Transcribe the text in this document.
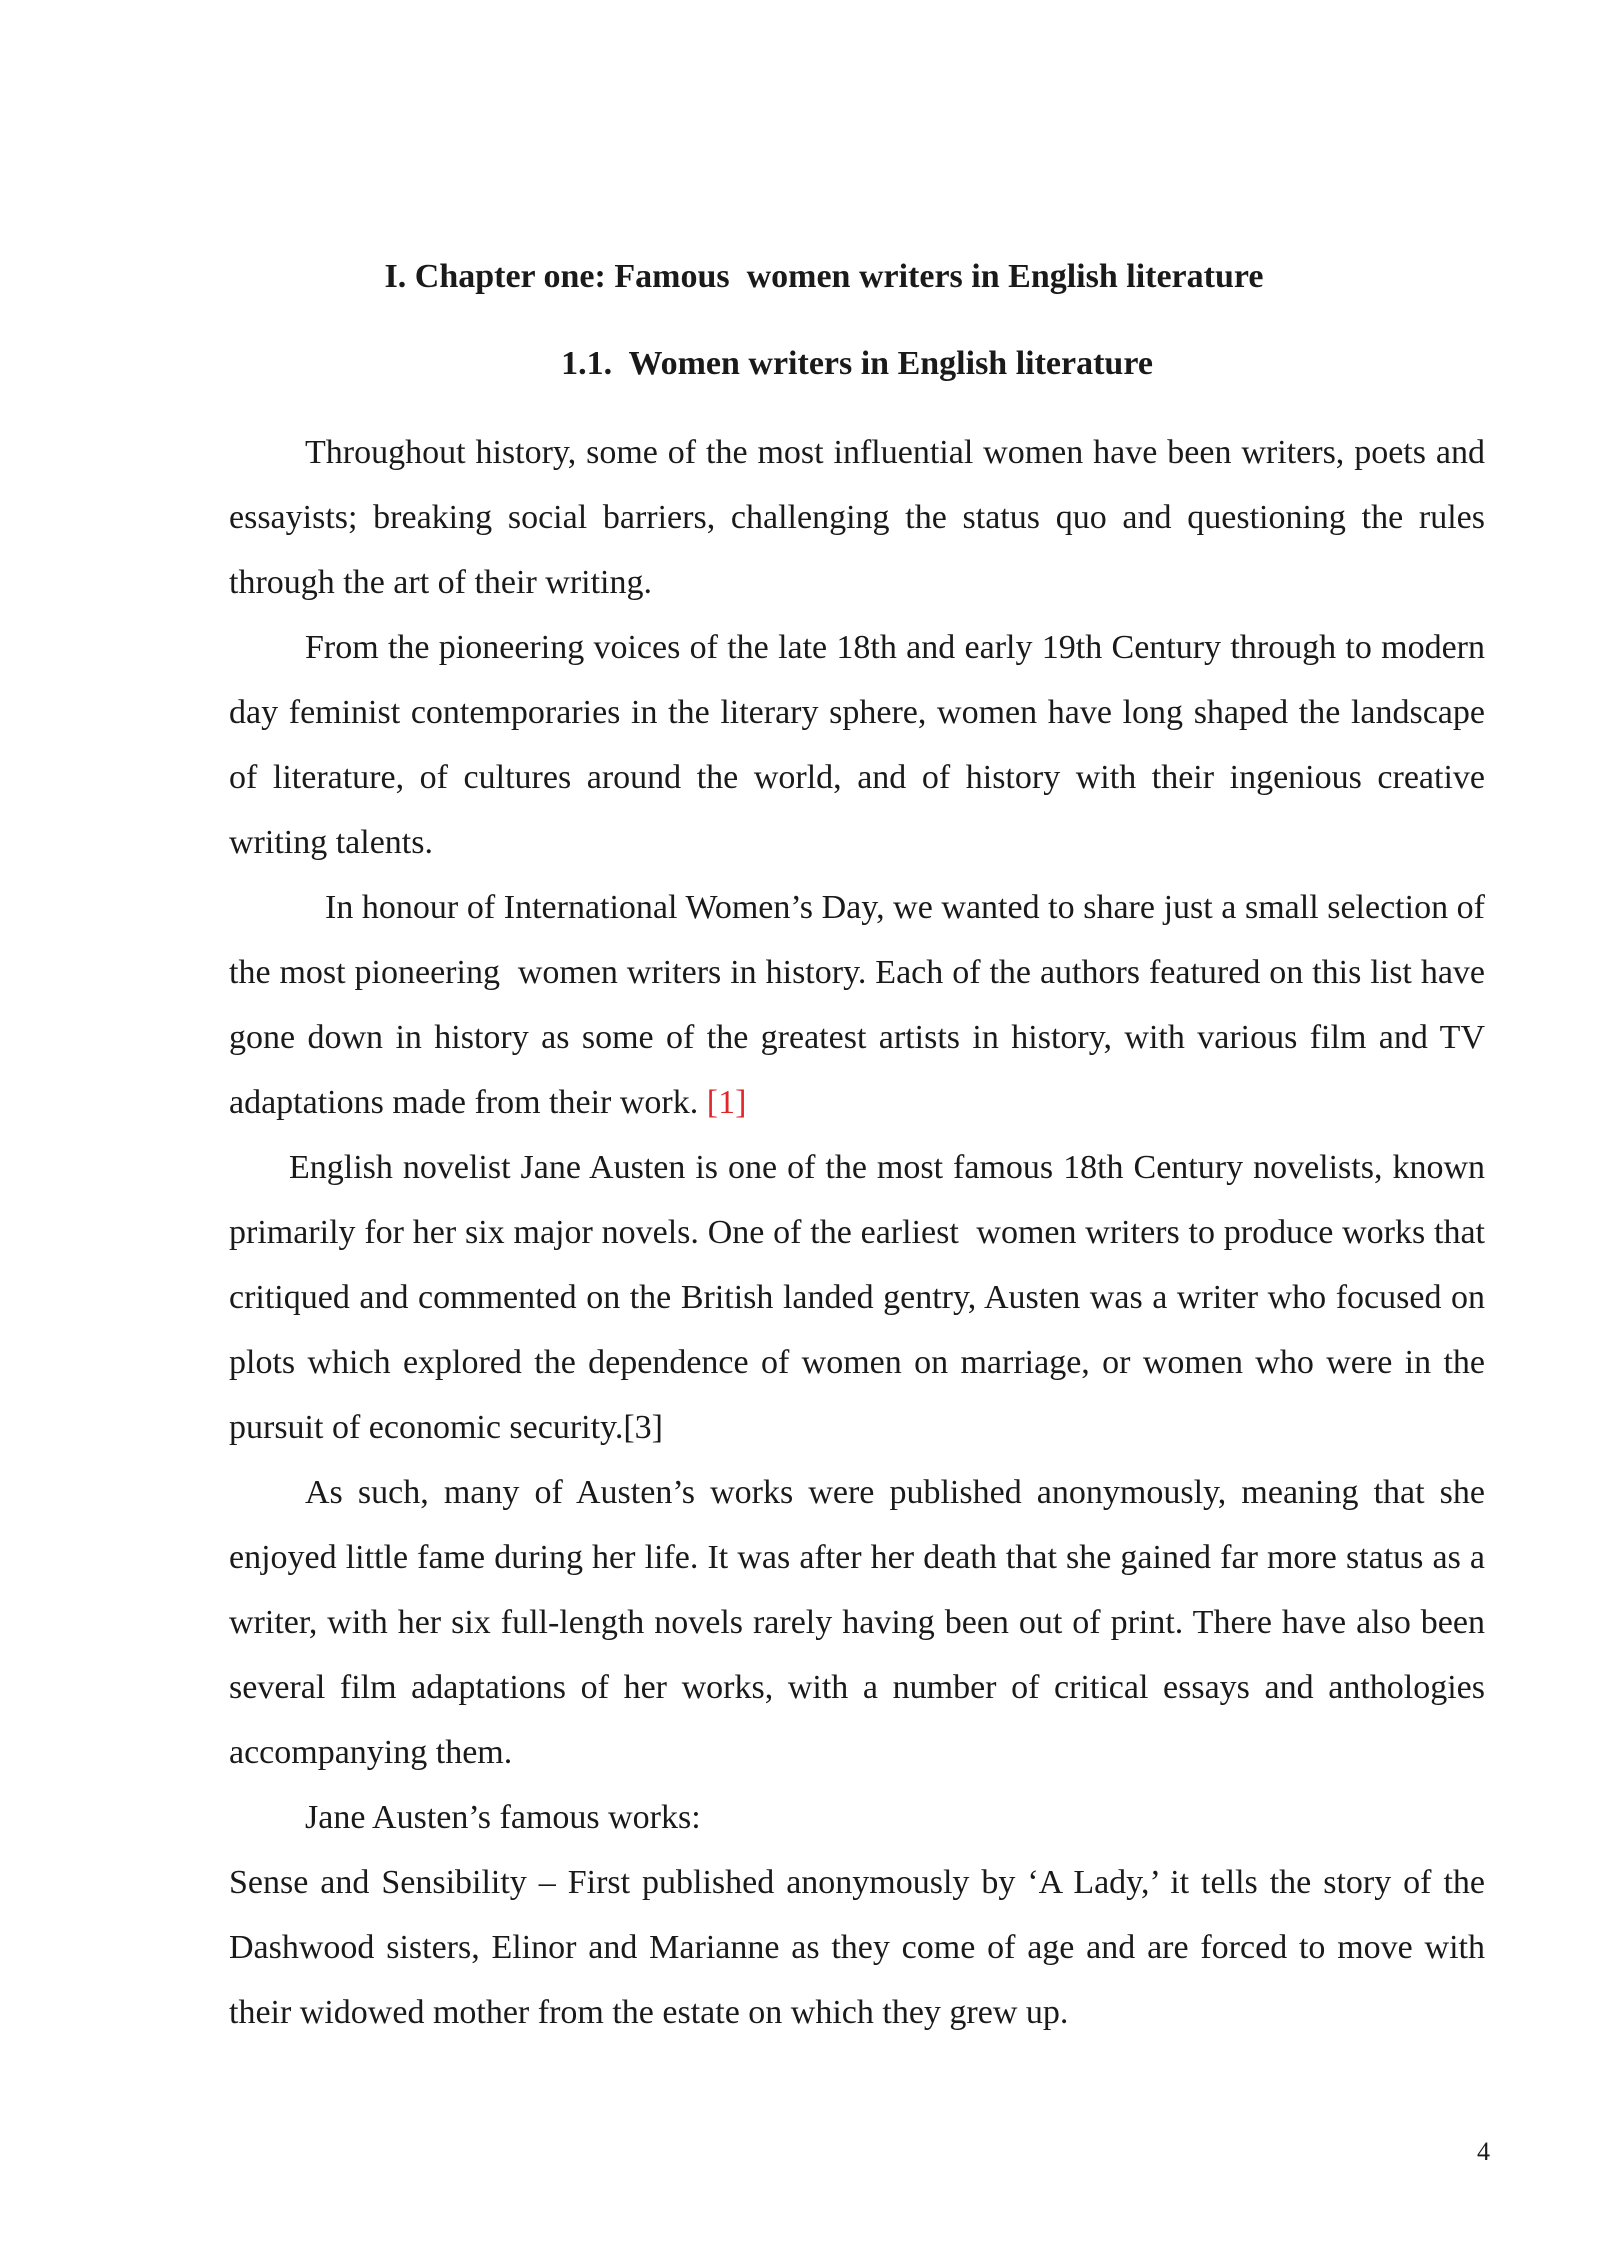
I. Chapter one: Famous  women writers in English literature
1.1.  Women writers in English literature

Throughout history, some of the most influential women have been writers, poets and essayists; breaking social barriers, challenging the status quo and questioning the rules through the art of their writing.

From the pioneering voices of the late 18th and early 19th Century through to modern day feminist contemporaries in the literary sphere, women have long shaped the landscape of literature, of cultures around the world, and of history with their ingenious creative writing talents.

In honour of International Women’s Day, we wanted to share just a small selection of the most pioneering  women writers in history. Each of the authors featured on this list have gone down in history as some of the greatest artists in history, with various film and TV adaptations made from their work. [1]

English novelist Jane Austen is one of the most famous 18th Century novelists, known primarily for her six major novels. One of the earliest  women writers to produce works that critiqued and commented on the British landed gentry, Austen was a writer who focused on plots which explored the dependence of women on marriage, or women who were in the pursuit of economic security.[3]

As such, many of Austen’s works were published anonymously, meaning that she enjoyed little fame during her life. It was after her death that she gained far more status as a writer, with her six full-length novels rarely having been out of print. There have also been several film adaptations of her works, with a number of critical essays and anthologies accompanying them.

Jane Austen’s famous works:

Sense and Sensibility – First published anonymously by ‘A Lady,’ it tells the story of the Dashwood sisters, Elinor and Marianne as they come of age and are forced to move with their widowed mother from the estate on which they grew up.

4
